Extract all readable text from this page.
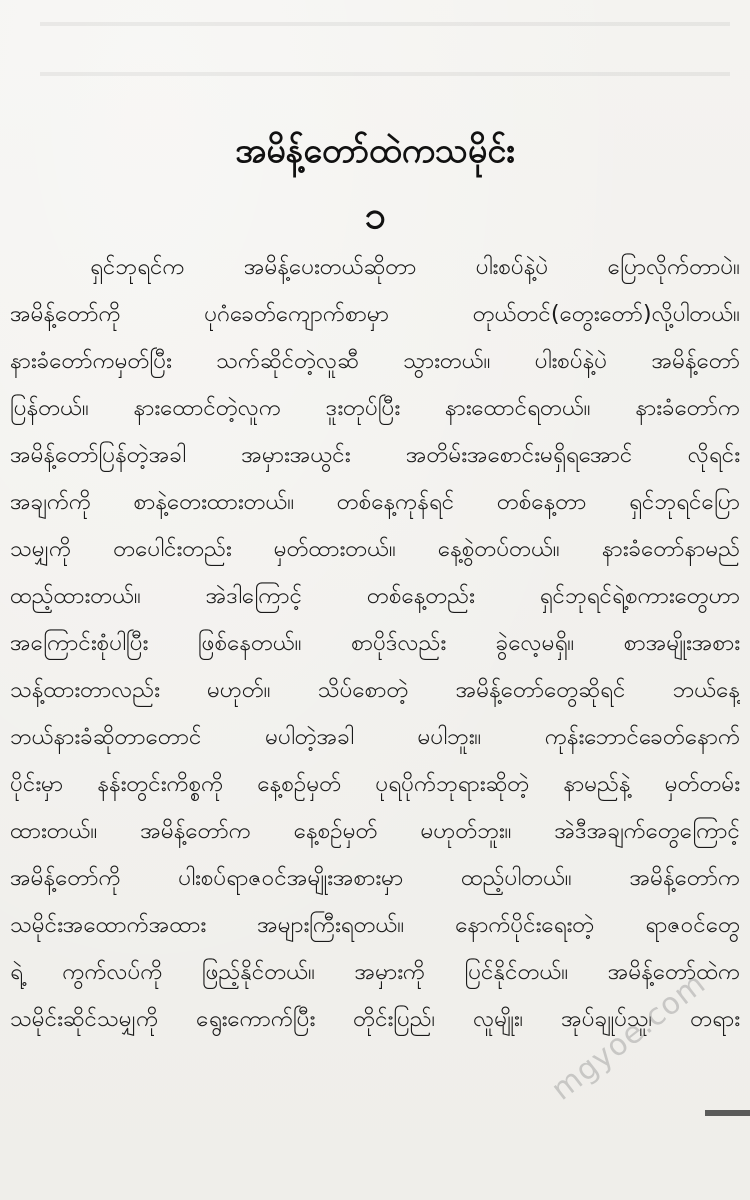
အမိန့်တော်ထဲကသမိုင်း
၁
ရှင်ဘုရင်က အမိန့်ပေးတယ်ဆိုတာ ပါးစပ်နဲ့ပဲ ပြောလိုက်တာပဲ။
အမိန့်တော်ကို ပုဂံခေတ်ကျောက်စာမှာ တုယ်တင်(တွေးတော်)လို့ပါတယ်။
နားခံတော်ကမှတ်ပြီး သက်ဆိုင်တဲ့လူဆီ သွားတယ်။ ပါးစပ်နဲ့ပဲ အမိန့်တော်
ပြန်တယ်။ နားထောင်တဲ့လူက ဒူးတုပ်ပြီး နားထောင်ရတယ်။ နားခံတော်က
အမိန့်တော်ပြန်တဲ့အခါ အမှားအယွင်း အတိမ်းအစောင်းမရှိရအောင် လိုရင်း
အချက်ကို စာနဲ့တေးထားတယ်။ တစ်နေ့ကုန်ရင် တစ်နေ့တာ ရှင်ဘုရင်ပြော
သမျှကို တပေါင်းတည်း မှတ်ထားတယ်။ နေ့စွဲတပ်တယ်။ နားခံတော်နာမည်
ထည့်ထားတယ်။ အဲဒါကြောင့် တစ်နေ့တည်း ရှင်ဘုရင်ရဲ့စကားတွေဟာ
အကြောင်းစုံပါပြီး ဖြစ်နေတယ်။ စာပိုဒ်လည်း ခွဲလေ့မရှိ။ စာအမျိုးအစား
သန့်ထားတာလည်း မဟုတ်။ သိပ်စောတဲ့ အမိန့်တော်တွေဆိုရင် ဘယ်နေ့
ဘယ်နားခံဆိုတာတောင် မပါတဲ့အခါ မပါဘူး။ ကုန်းဘောင်ခေတ်နောက်
ပိုင်းမှာ နန်းတွင်းကိစ္စကို နေ့စဉ်မှတ် ပုရပိုက်ဘုရားဆိုတဲ့ နာမည်နဲ့ မှတ်တမ်း
ထားတယ်။ အမိန့်တော်က နေ့စဉ်မှတ် မဟုတ်ဘူး။ အဲဒီအချက်တွေကြောင့်
အမိန့်တော်ကို ပါးစပ်ရာဇဝင်အမျိုးအစားမှာ ထည့်ပါတယ်။ အမိန့်တော်က
သမိုင်းအထောက်အထား အများကြီးရတယ်။ နောက်ပိုင်းရေးတဲ့ ရာဇဝင်တွေ
ရဲ့ ကွက်လပ်ကို ဖြည့်နိုင်တယ်။ အမှားကို ပြင်နိုင်တယ်။ အမိန့်တော်ထဲက
သမိုင်းဆိုင်သမျှကို ရွေးကောက်ပြီး တိုင်းပြည်၊ လူမျိုး၊ အုပ်ချုပ်သူ၊ တရား
mgyoe.com
